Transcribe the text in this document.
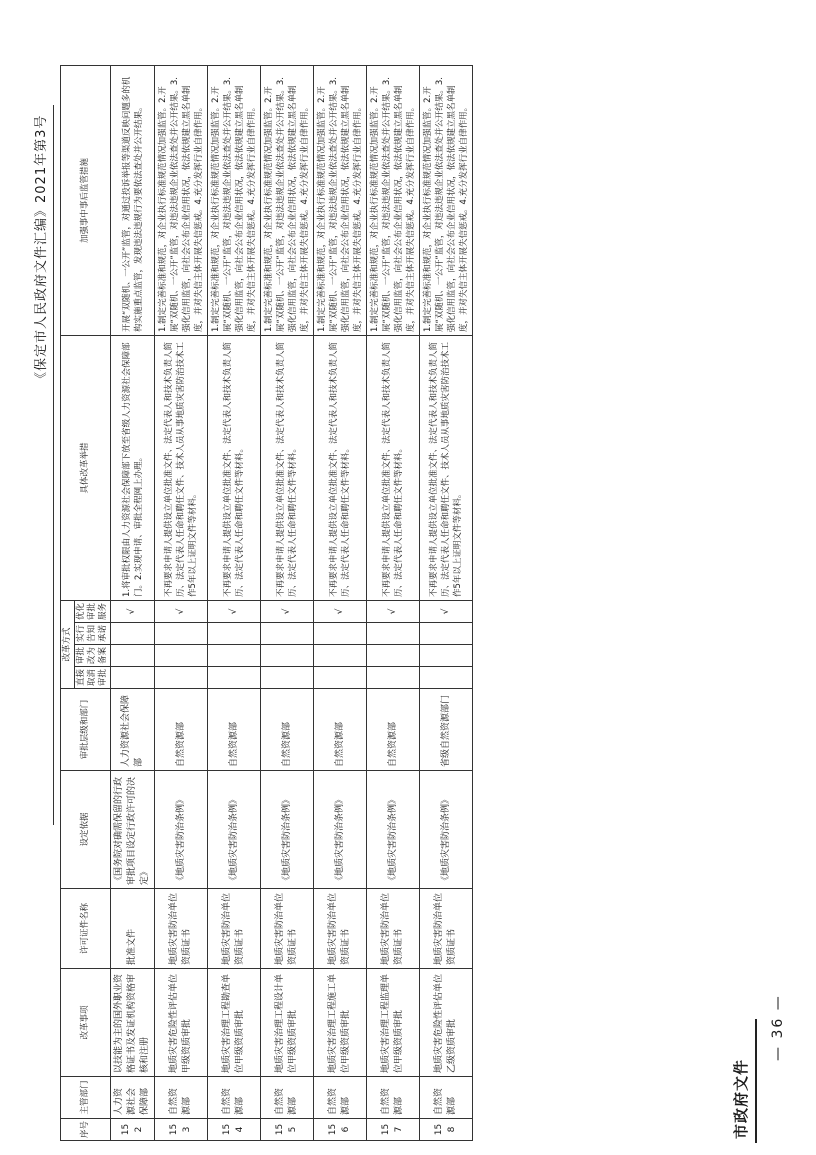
市政府文件
《保定市人民政府文件汇编》2021年第3号
— 36 —
序号	主管部门	改革事项	许可证件名称	设定依据	审批层级和部门	改革方式				具体改革举措	加强事中事后监管措施
						直接取消审批	审批改为备案	实行告知承诺	优化审批服务		
152	人力资源社会保障部	以技能为主的国外职业资格证书及发证机构资格审核和注册	批准文件	《国务院对确需保留的行政审批项目设定行政许可的决定》	人力资源社会保障部				√	1.将审批权限由人力资源社会保障部下放至省级人力资源社会保障部门。2.实现申请、审批全程网上办理。	开展“双随机、一公开”监管，对通过投诉举报等渠道反映问题多的机构实施重点监管，发现违法违规行为要依法查处并公开结果。
153	自然资源部	地质灾害危险性评估单位甲级资质审批	地质灾害防治单位资质证书	《地质灾害防治条例》	自然资源部				√	不再要求申请人提供设立单位批准文件、法定代表人和技术负责人简历、法定代表人任命和聘任文件、技术人员从事地质灾害防治技术工作5年以上证明文件等材料。	1.制定完善标准和规范，对企业执行标准规范情况加强监管。2.开展“双随机、一公开”监管，对违法违规企业依法查处并公开结果。3.强化信用监管，向社会公布企业信用状况，依法依规建立黑名单制度，并对失信主体开展失信惩戒。4.充分发挥行业自律作用。
154	自然资源部	地质灾害治理工程勘查单位甲级资质审批	地质灾害防治单位资质证书	《地质灾害防治条例》	自然资源部				√	不再要求申请人提供设立单位批准文件、法定代表人和技术负责人简历、法定代表人任命和聘任文件等材料。	1.制定完善标准和规范，对企业执行标准规范情况加强监管。2.开展“双随机、一公开”监管，对违法违规企业依法查处并公开结果。3.强化信用监管，向社会公布企业信用状况，依法依规建立黑名单制度，并对失信主体开展失信惩戒。4.充分发挥行业自律作用。
155	自然资源部	地质灾害治理工程设计单位甲级资质审批	地质灾害防治单位资质证书	《地质灾害防治条例》	自然资源部				√	不再要求申请人提供设立单位批准文件、法定代表人和技术负责人简历、法定代表人任命和聘任文件等材料。	1.制定完善标准和规范，对企业执行标准规范情况加强监管。2.开展“双随机、一公开”监管，对违法违规企业依法查处并公开结果。3.强化信用监管，向社会公布企业信用状况，依法依规建立黑名单制度，并对失信主体开展失信惩戒。4.充分发挥行业自律作用。
156	自然资源部	地质灾害治理工程施工单位甲级资质审批	地质灾害防治单位资质证书	《地质灾害防治条例》	自然资源部				√	不再要求申请人提供设立单位批准文件、法定代表人和技术负责人简历、法定代表人任命和聘任文件等材料。	1.制定完善标准和规范，对企业执行标准规范情况加强监管。2.开展“双随机、一公开”监管，对违法违规企业依法查处并公开结果。3.强化信用监管，向社会公布企业信用状况，依法依规建立黑名单制度，并对失信主体开展失信惩戒。4.充分发挥行业自律作用。
157	自然资源部	地质灾害治理工程监理单位甲级资质审批	地质灾害防治单位资质证书	《地质灾害防治条例》	自然资源部				√	不再要求申请人提供设立单位批准文件、法定代表人和技术负责人简历、法定代表人任命和聘任文件等材料。	1.制定完善标准和规范，对企业执行标准规范情况加强监管。2.开展“双随机、一公开”监管，对违法违规企业依法查处并公开结果。3.强化信用监管，向社会公布企业信用状况，依法依规建立黑名单制度，并对失信主体开展失信惩戒。4.充分发挥行业自律作用。
158	自然资源部	地质灾害危险性评估单位乙级资质审批	地质灾害防治单位资质证书	《地质灾害防治条例》	省级自然资源部门				√	不再要求申请人提供设立单位批准文件、法定代表人和技术负责人简历、法定代表人任命和聘任文件、技术人员从事地质灾害防治技术工作5年以上证明文件等材料。	1.制定完善标准和规范，对企业执行标准规范情况加强监管。2.开展“双随机、一公开”监管，对违法违规企业依法查处并公开结果。3.强化信用监管，向社会公布企业信用状况，依法依规建立黑名单制度，并对失信主体开展失信惩戒。4.充分发挥行业自律作用。
